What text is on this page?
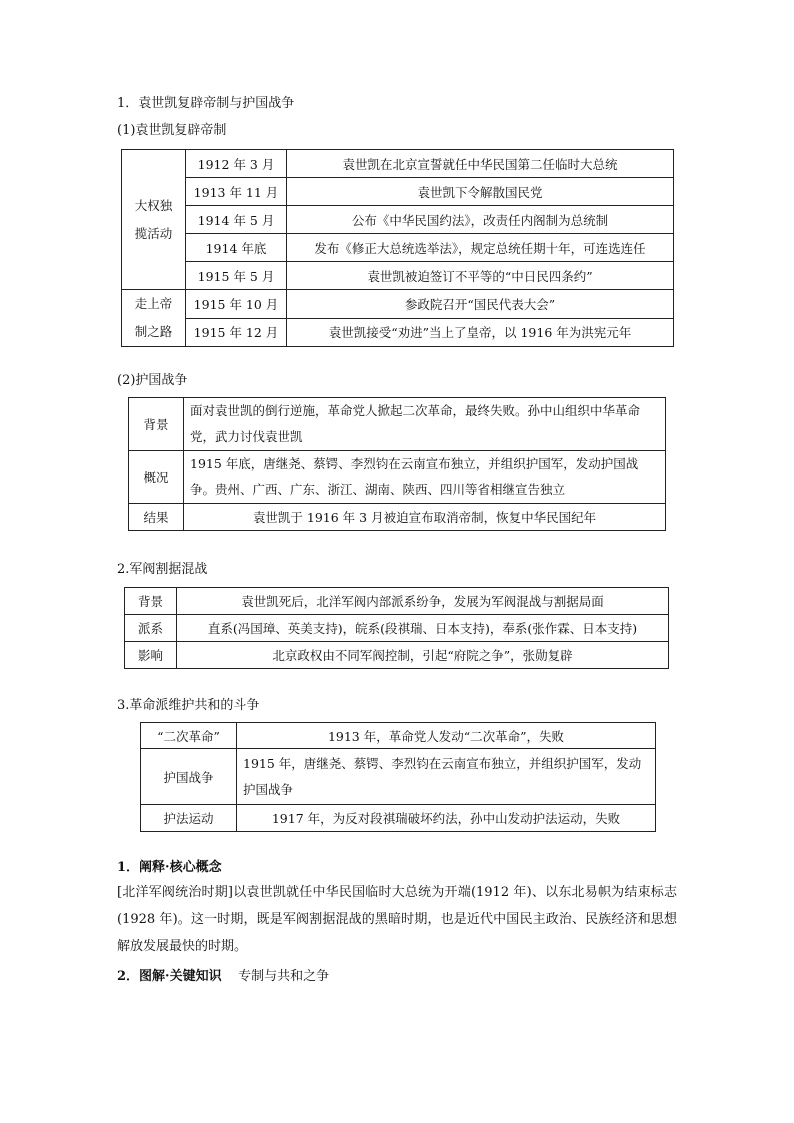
1．袁世凯复辟帝制与护国战争
(1)袁世凯复辟帝制
大权独揽活动	1912 年 3 月	袁世凯在北京宣誓就任中华民国第二任临时大总统
	1913 年 11 月	袁世凯下令解散国民党
	1914 年 5 月	公布《中华民国约法》，改责任内阁制为总统制
	1914 年底	发布《修正大总统选举法》，规定总统任期十年，可连选连任
	1915 年 5 月	袁世凯被迫签订不平等的“中日民四条约”
走上帝制之路	1915 年 10 月	参政院召开“国民代表大会”
	1915 年 12 月	袁世凯接受“劝进”当上了皇帝，以 1916 年为洪宪元年
(2)护国战争
背景	面对袁世凯的倒行逆施，革命党人掀起二次革命，最终失败。孙中山组织中华革命党，武力讨伐袁世凯
概况	1915 年底，唐继尧、蔡锷、李烈钧在云南宣布独立，并组织护国军，发动护国战争。贵州、广西、广东、浙江、湖南、陕西、四川等省相继宣告独立
结果	袁世凯于 1916 年 3 月被迫宣布取消帝制，恢复中华民国纪年
2.军阀割据混战
背景	袁世凯死后，北洋军阀内部派系纷争，发展为军阀混战与割据局面
派系	直系(冯国璋、英美支持)，皖系(段祺瑞、日本支持)，奉系(张作霖、日本支持)
影响	北京政权由不同军阀控制，引起“府院之争”，张勋复辟
3.革命派维护共和的斗争
“二次革命”	1913 年，革命党人发动“二次革命”，失败
护国战争	1915 年，唐继尧、蔡锷、李烈钧在云南宣布独立，并组织护国军，发动护国战争
护法运动	1917 年，为反对段祺瑞破坏约法，孙中山发动护法运动，失败
1．阐释·核心概念
[北洋军阀统治时期]以袁世凯就任中华民国临时大总统为开端(1912 年)、以东北易帜为结束标志(1928 年)。这一时期，既是军阀割据混战的黑暗时期，也是近代中国民主政治、民族经济和思想解放发展最快的时期。
2．图解·关键知识 专制与共和之争
